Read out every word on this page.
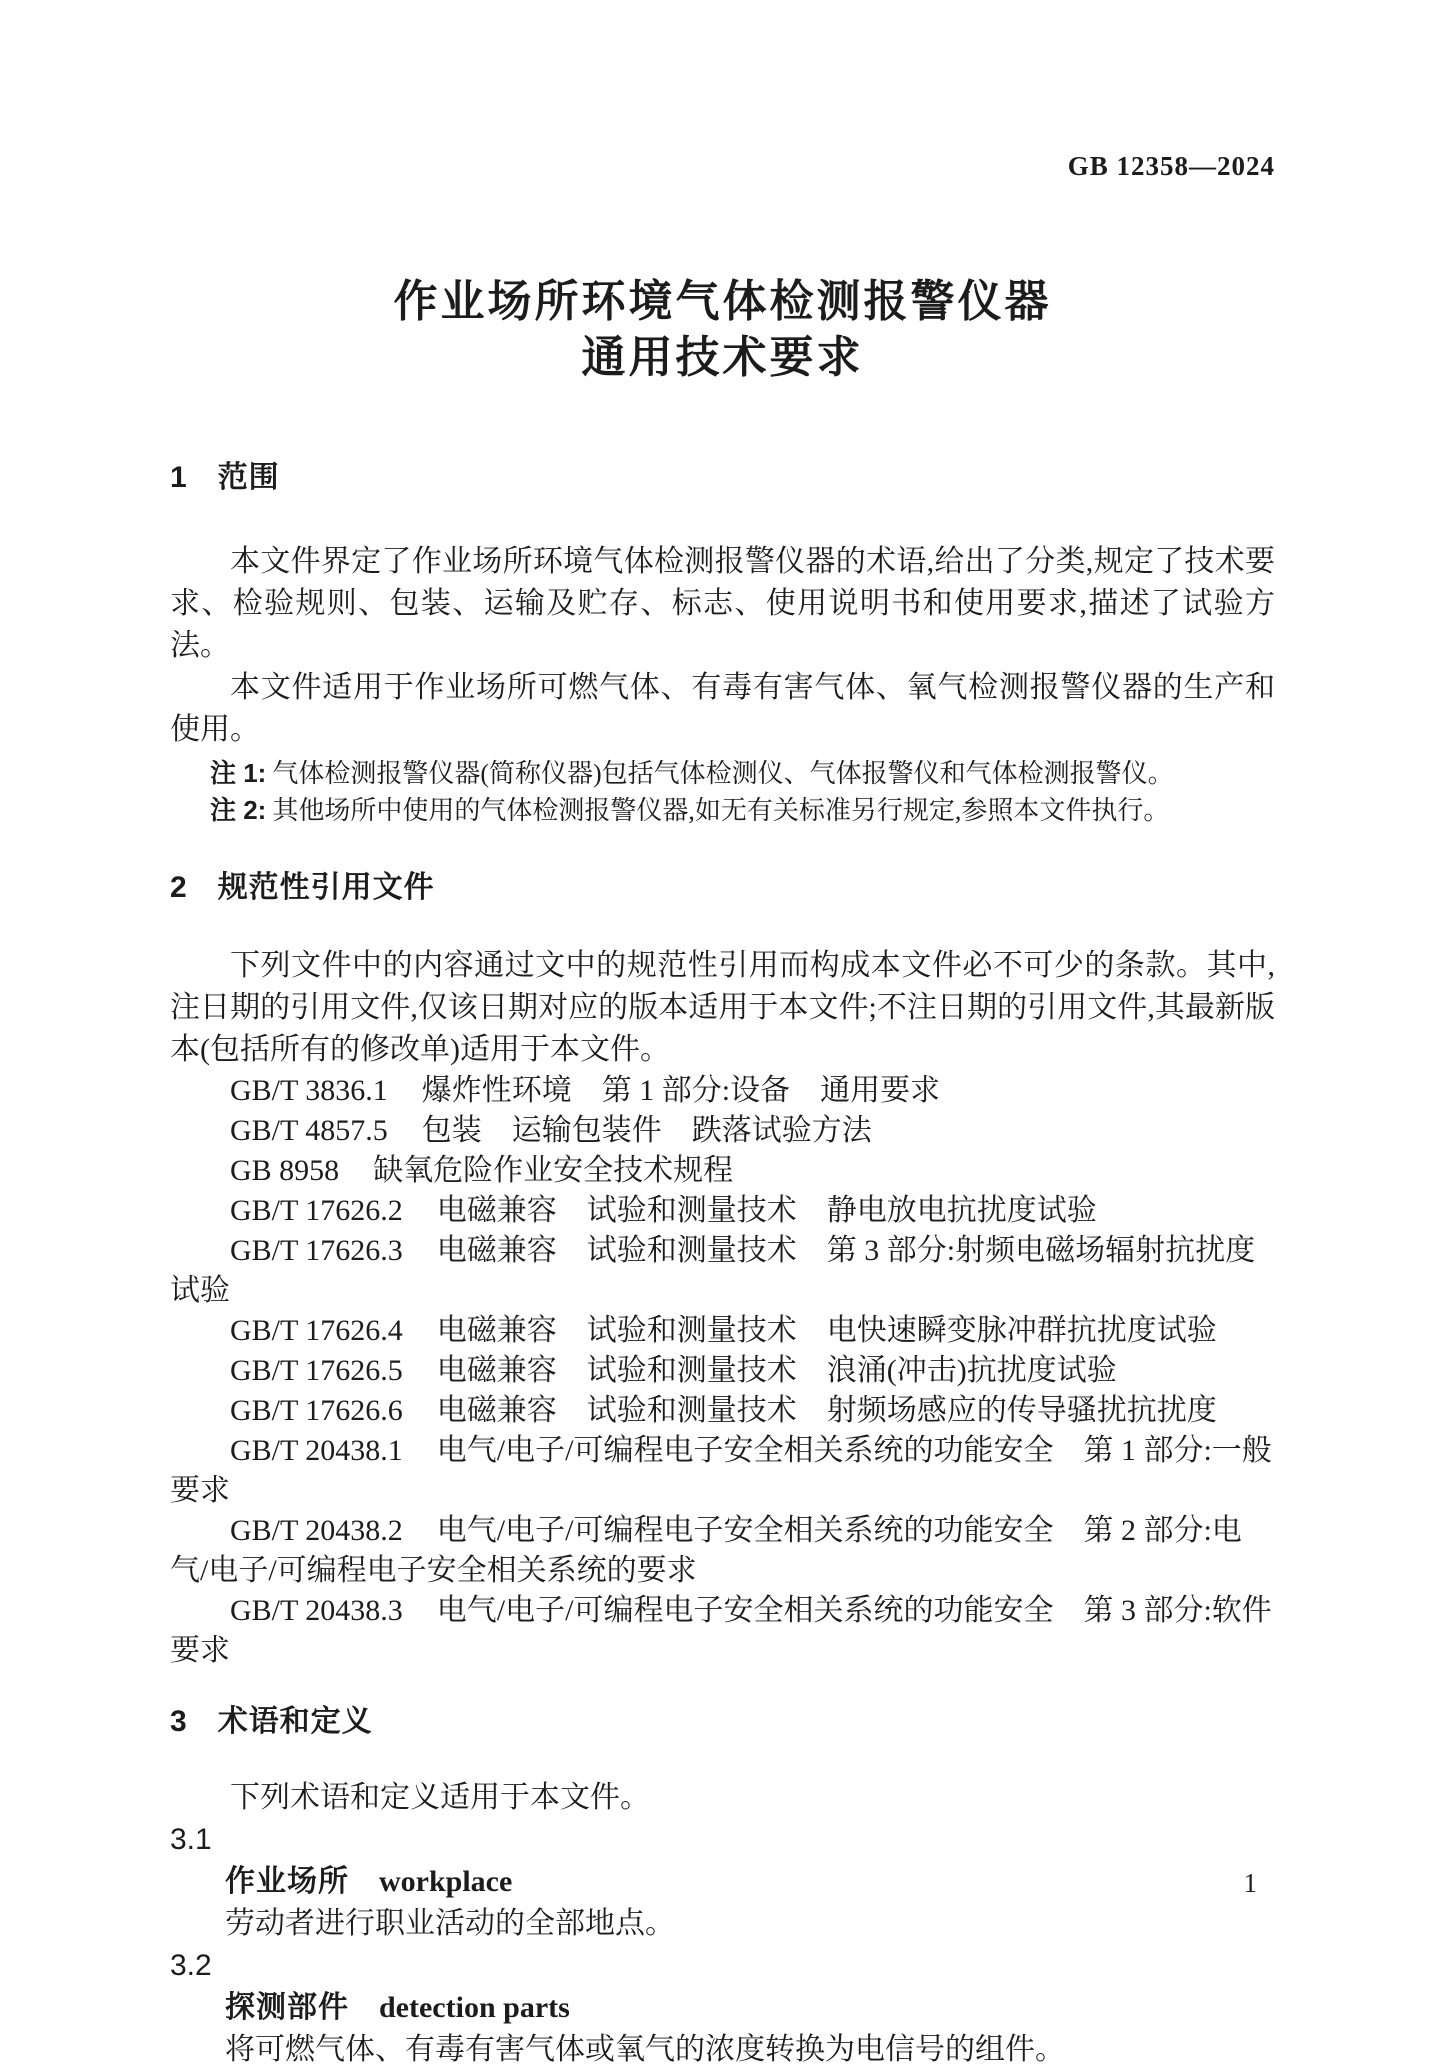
GB 12358—2024
作业场所环境气体检测报警仪器
通用技术要求
1 范围

本文件界定了作业场所环境气体检测报警仪器的术语,给出了分类,规定了技术要求、检验规则、包装、运输及贮存、标志、使用说明书和使用要求,描述了试验方法。

本文件适用于作业场所可燃气体、有毒有害气体、氧气检测报警仪器的生产和使用。

注 1: 气体检测报警仪器(简称仪器)包括气体检测仪、气体报警仪和气体检测报警仪。

注 2: 其他场所中使用的气体检测报警仪器,如无有关标准另行规定,参照本文件执行。

2 规范性引用文件

下列文件中的内容通过文中的规范性引用而构成本文件必不可少的条款。其中,注日期的引用文件,仅该日期对应的版本适用于本文件;不注日期的引用文件,其最新版本(包括所有的修改单)适用于本文件。

GB/T 3836.1 爆炸性环境　第 1 部分:设备　通用要求

GB/T 4857.5 包装　运输包装件　跌落试验方法

GB 8958 缺氧危险作业安全技术规程

GB/T 17626.2 电磁兼容　试验和测量技术　静电放电抗扰度试验

GB/T 17626.3 电磁兼容　试验和测量技术　第 3 部分:射频电磁场辐射抗扰度试验

GB/T 17626.4 电磁兼容　试验和测量技术　电快速瞬变脉冲群抗扰度试验

GB/T 17626.5 电磁兼容　试验和测量技术　浪涌(冲击)抗扰度试验

GB/T 17626.6 电磁兼容　试验和测量技术　射频场感应的传导骚扰抗扰度

GB/T 20438.1 电气/电子/可编程电子安全相关系统的功能安全　第 1 部分:一般要求

GB/T 20438.2 电气/电子/可编程电子安全相关系统的功能安全　第 2 部分:电气/电子/可编程电子安全相关系统的要求

GB/T 20438.3 电气/电子/可编程电子安全相关系统的功能安全　第 3 部分:软件要求

3 术语和定义

下列术语和定义适用于本文件。

3.1

作业场所 workplace

劳动者进行职业活动的全部地点。

3.2

探测部件 detection parts

将可燃气体、有毒有害气体或氧气的浓度转换为电信号的组件。

1
